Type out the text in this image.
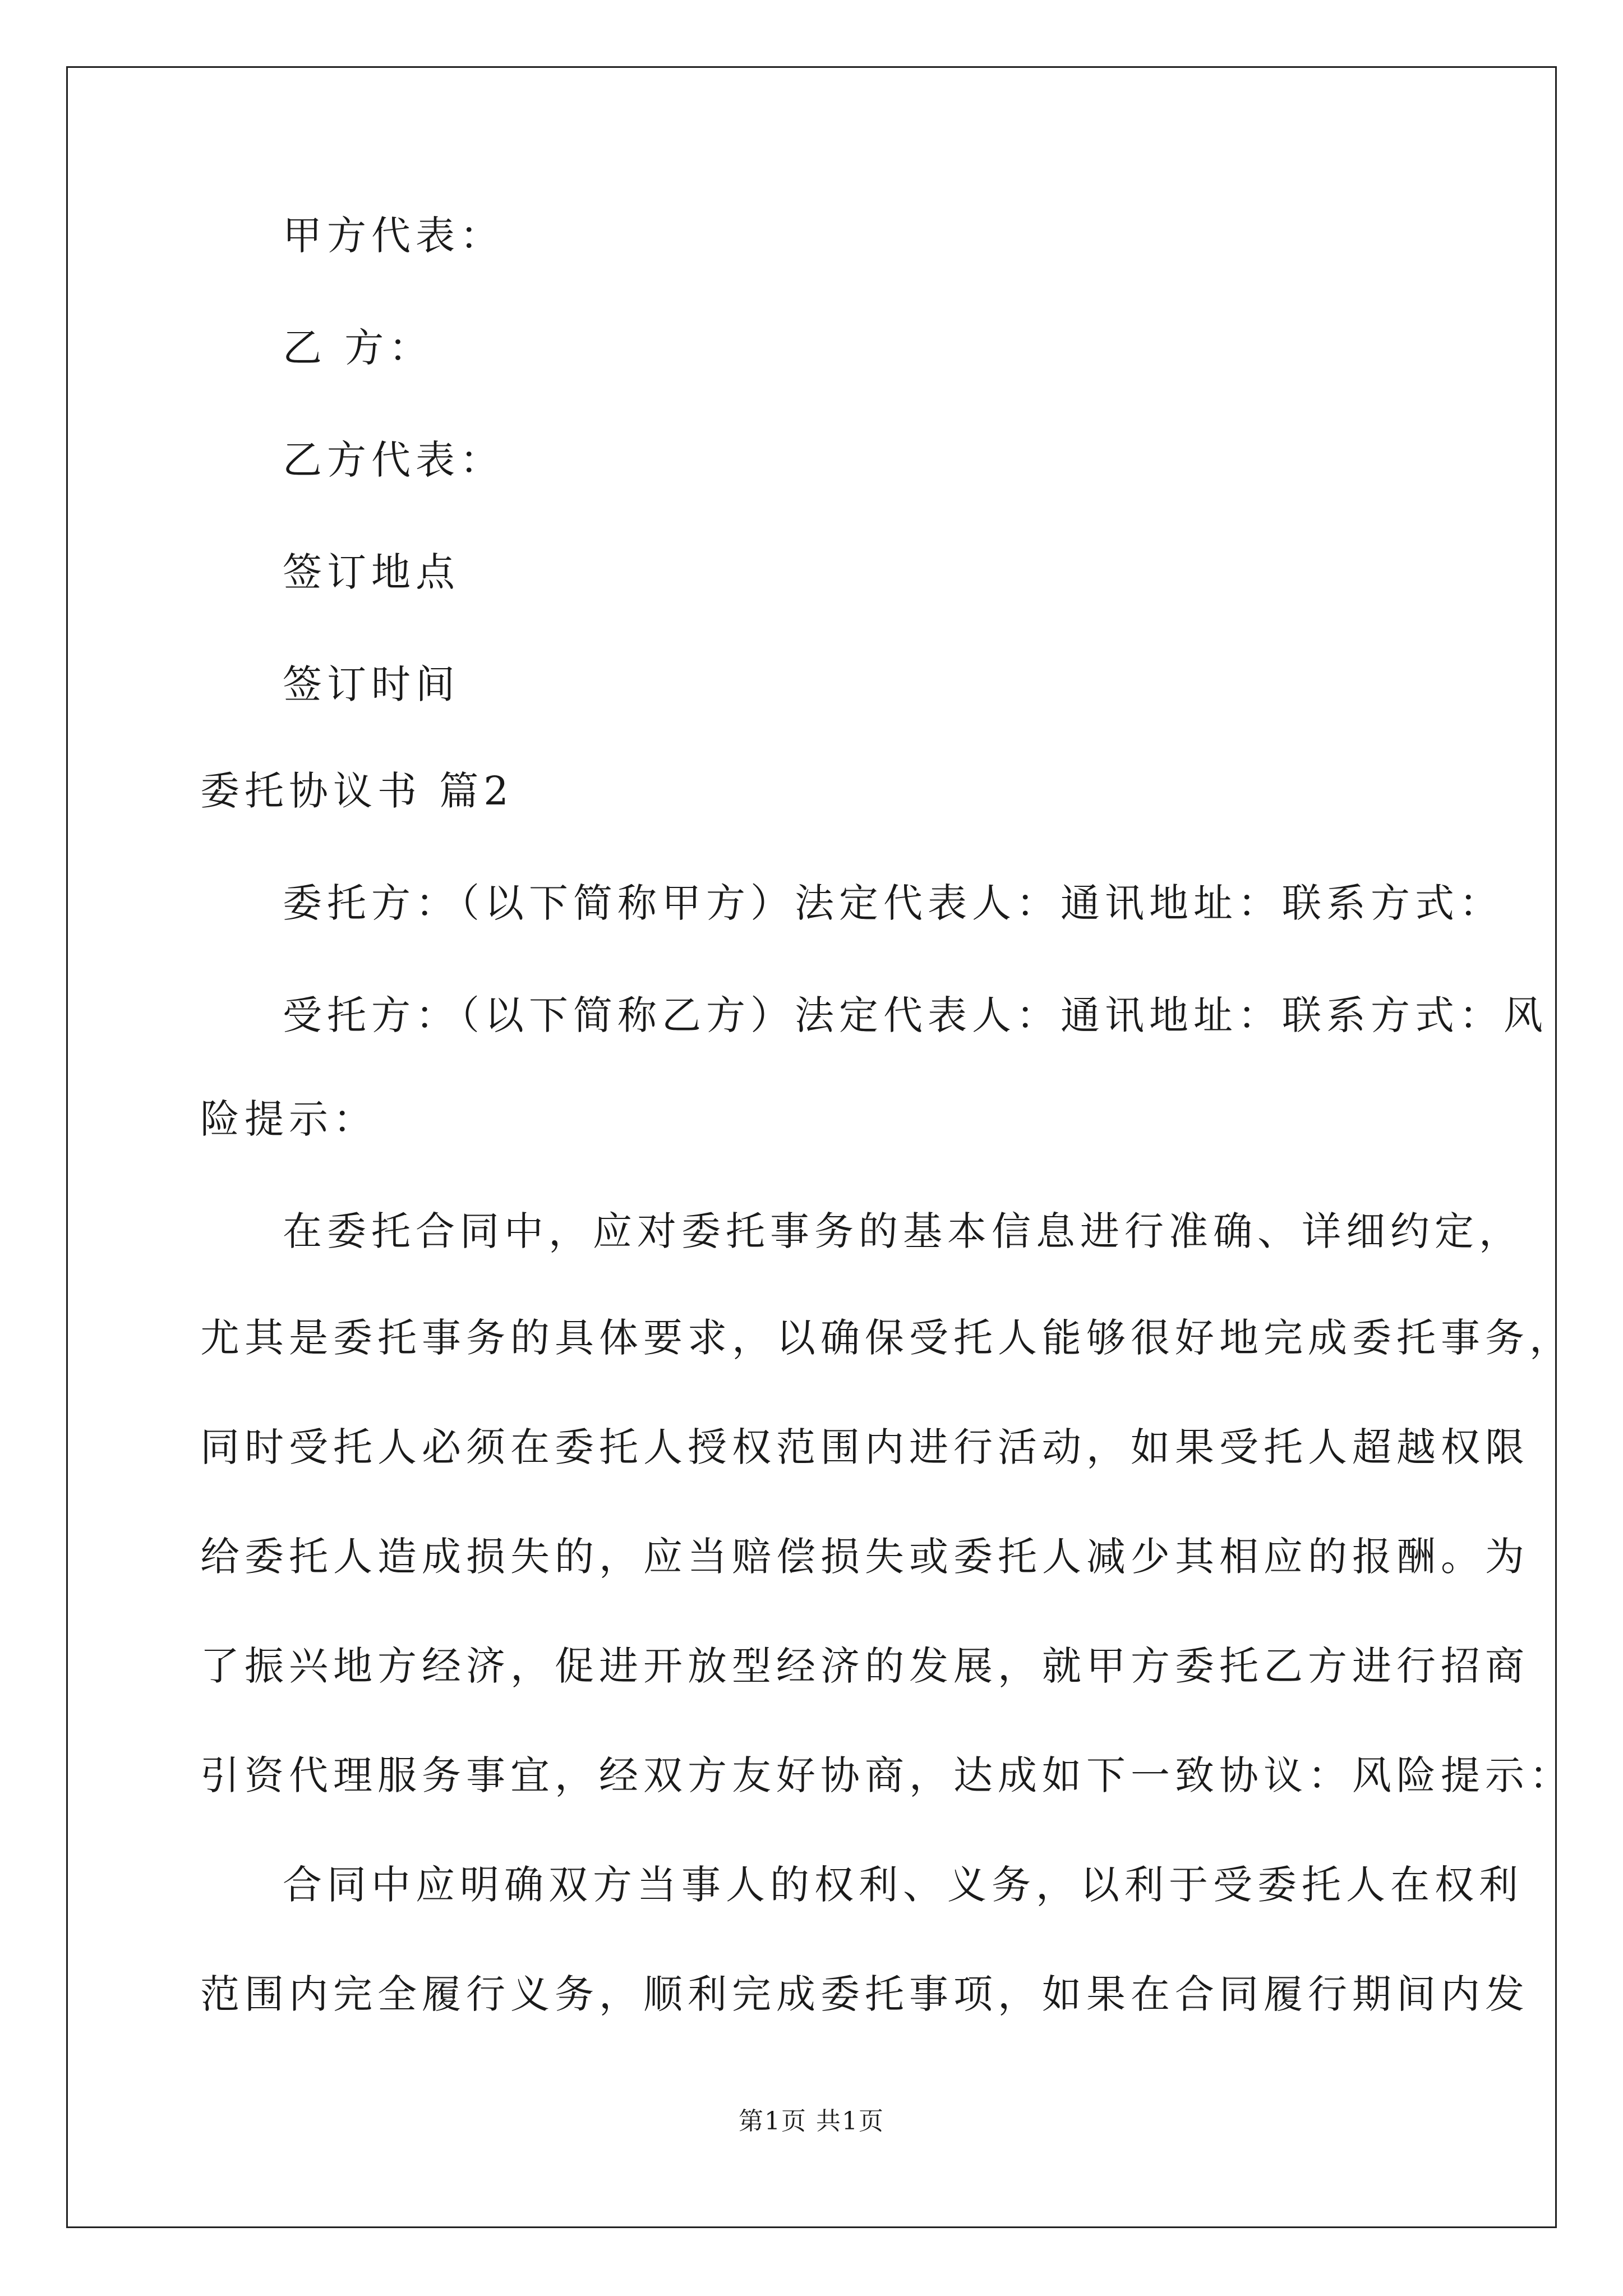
甲方代表：
乙 方：
乙方代表：
签订地点
签订时间
委托协议书 篇2
委托方：（以下简称甲方）法定代表人：通讯地址：联系方式：
受托方：（以下简称乙方）法定代表人：通讯地址：联系方式：风
险提示：
在委托合同中，应对委托事务的基本信息进行准确、详细约定，
尤其是委托事务的具体要求，以确保受托人能够很好地完成委托事务，
同时受托人必须在委托人授权范围内进行活动，如果受托人超越权限
给委托人造成损失的，应当赔偿损失或委托人减少其相应的报酬。为
了振兴地方经济，促进开放型经济的发展，就甲方委托乙方进行招商
引资代理服务事宜，经双方友好协商，达成如下一致协议：风险提示：
合同中应明确双方当事人的权利、义务，以利于受委托人在权利
范围内完全履行义务，顺利完成委托事项，如果在合同履行期间内发
第1页 共1页
